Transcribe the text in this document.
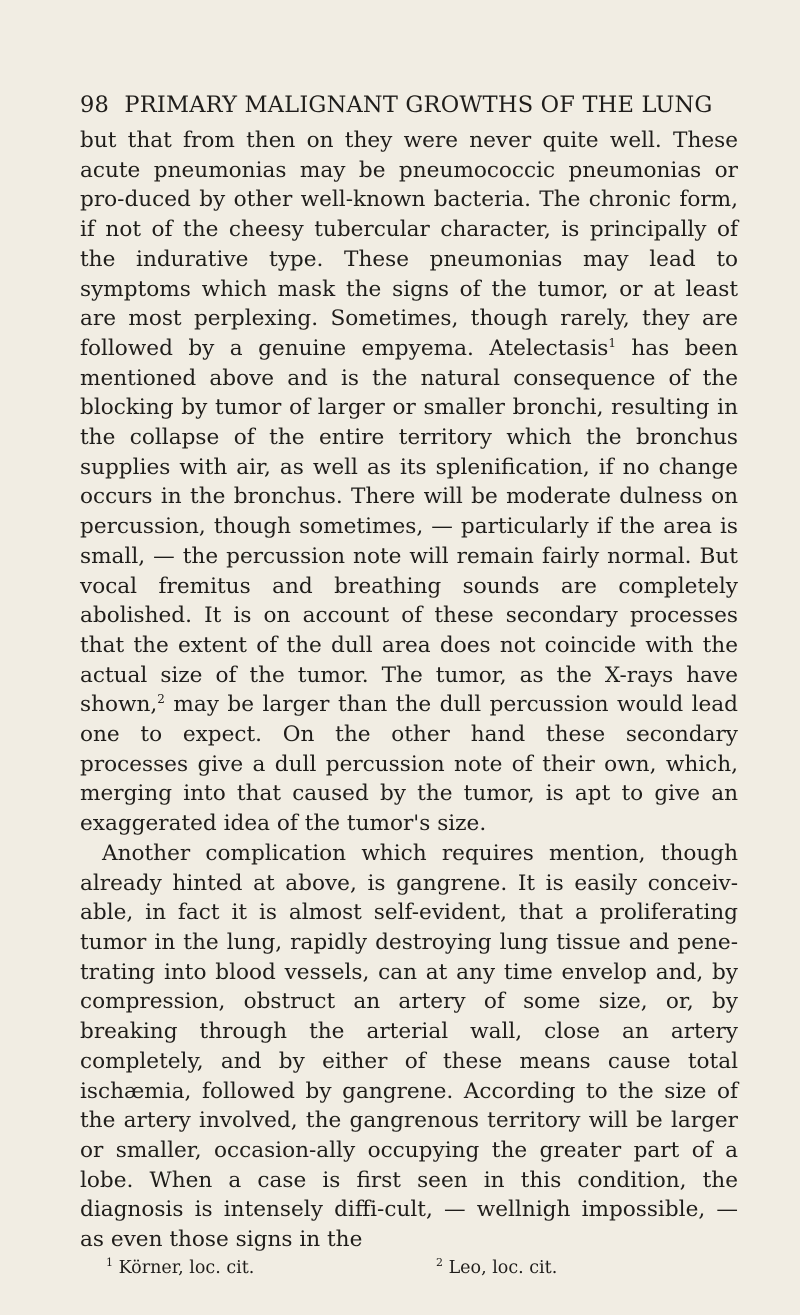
98 PRIMARY MALIGNANT GROWTHS OF THE LUNG

but that from then on they were never quite well. These acute pneumonias may be pneumococcic pneumonias or pro-duced by other well-known bacteria. The chronic form, if not of the cheesy tubercular character, is principally of the indurative type. These pneumonias may lead to symptoms which mask the signs of the tumor, or at least are most perplexing. Sometimes, though rarely, they are followed by a genuine empyema. Atelectasis$^1$ has been mentioned above and is the natural consequence of the blocking by tumor of larger or smaller bronchi, resulting in the collapse of the entire territory which the bronchus supplies with air, as well as its splenification, if no change occurs in the bronchus. There will be moderate dulness on percussion, though sometimes, — particularly if the area is small, — the percussion note will remain fairly normal. But vocal fremitus and breathing sounds are completely abolished. It is on account of these secondary processes that the extent of the dull area does not coincide with the actual size of the tumor. The tumor, as the X-rays have shown,$^2$ may be larger than the dull percussion would lead one to expect. On the other hand these secondary processes give a dull percussion note of their own, which, merging into that caused by the tumor, is apt to give an exaggerated idea of the tumor's size.

Another complication which requires mention, though already hinted at above, is gangrene. It is easily conceiv-able, in fact it is almost self-evident, that a proliferating tumor in the lung, rapidly destroying lung tissue and pene-trating into blood vessels, can at any time envelop and, by compression, obstruct an artery of some size, or, by breaking through the arterial wall, close an artery completely, and by either of these means cause total ischæmia, followed by gangrene. According to the size of the artery involved, the gangrenous territory will be larger or smaller, occasion-ally occupying the greater part of a lobe. When a case is first seen in this condition, the diagnosis is intensely diffi-cult, — wellnigh impossible, — as even those signs in the

$^1$ Körner, loc. cit.	$^2$ Leo, loc. cit.
